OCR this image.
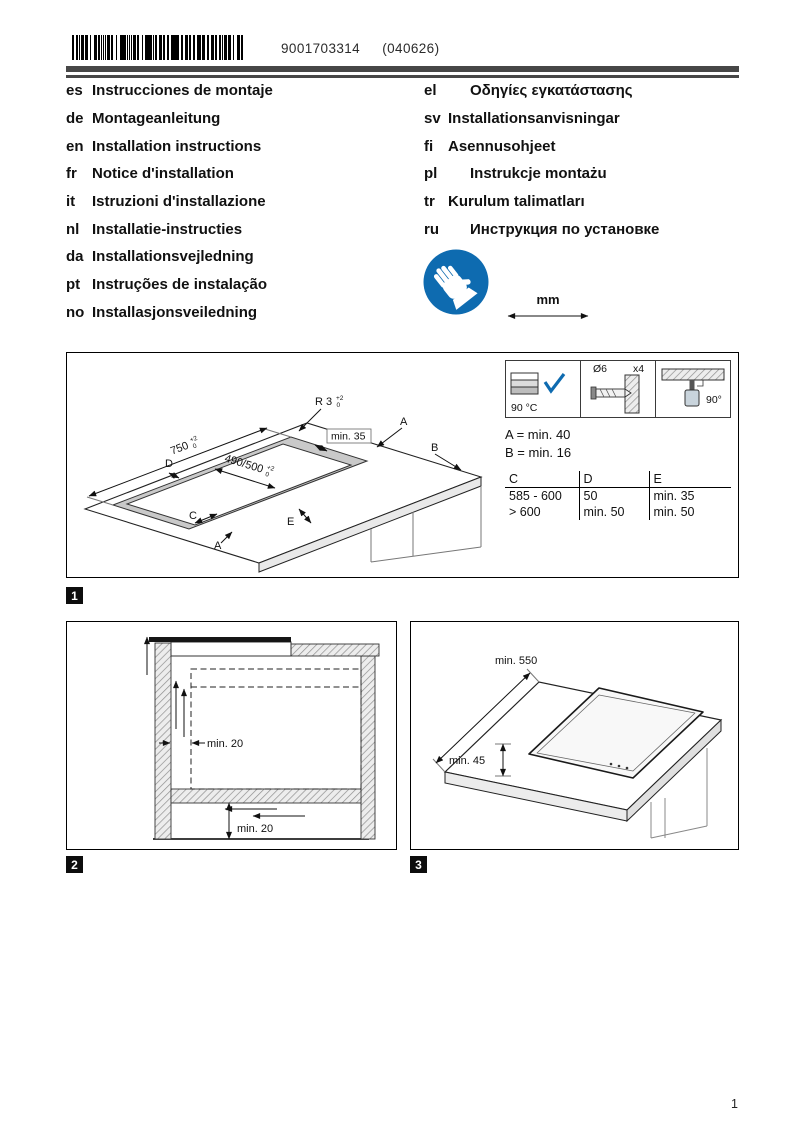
9001703314 (040626)
es Instrucciones de montaje
de Montageanleitung
en Installation instructions
fr	Notice d'installation
it	Istruzioni d'installazione
nl Installatie-instructies
da Installationsvejledning
pt Instruções de instalação
no Installasjonsveiledning
el	Οδηγίες εγκατάστασης
sv Installationsanvisningar
fi Asennusohjeet
pl	Instrukcje montażu
tr Kurulum talimatları
ru	Инструкция по установке
mm
750
+2
0
R 3 +2
0
min. 35
490/500 +2
0
A
B
D
C	E
A
90 °C
Ø6 x4
90°
A = min. 40
B = min. 16
C	D	E
585 - 600	50	min. 35
> 600	min. 50	min. 50
1
min. 20
min. 20
2
min. 550
min. 45
3
1
